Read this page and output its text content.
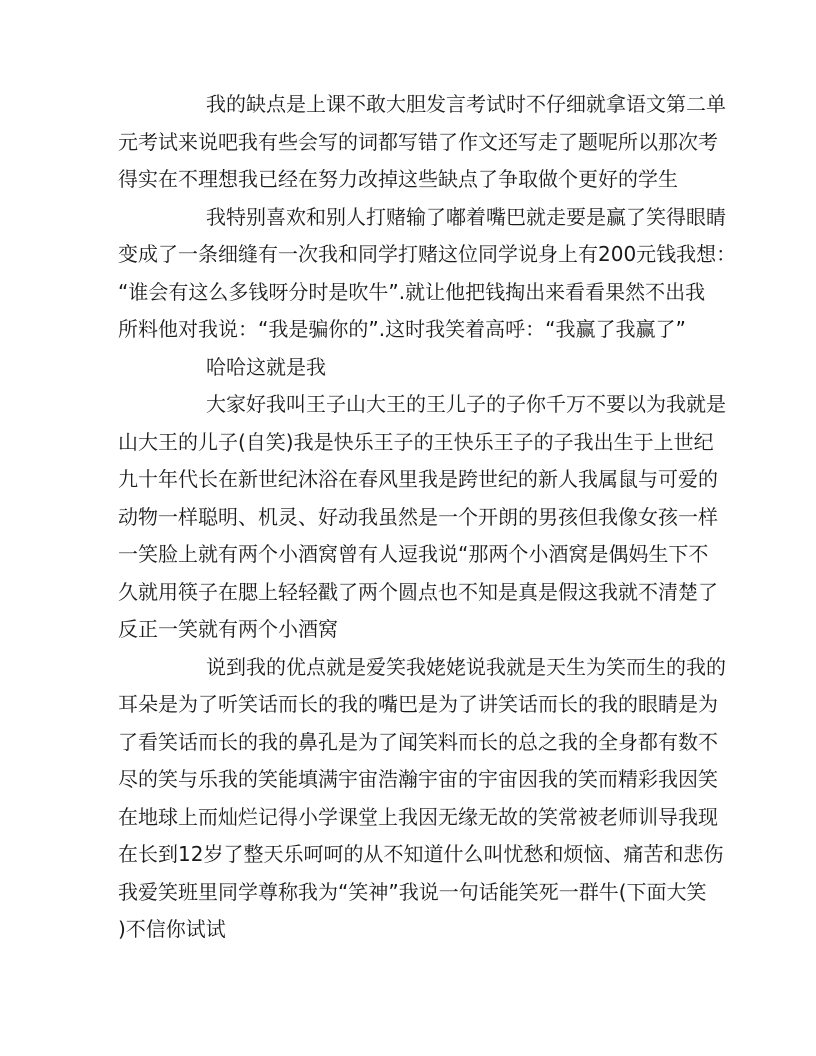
我的缺点是上课不敢大胆发言考试时不仔细就拿语文第二单
元考试来说吧我有些会写的词都写错了作文还写走了题呢所以那次考
得实在不理想我已经在努力改掉这些缺点了争取做个更好的学生
我特别喜欢和别人打赌输了嘟着嘴巴就走要是赢了笑得眼睛
变成了一条细缝有一次我和同学打赌这位同学说身上有200元钱我想：
“谁会有这么多钱呀分时是吹牛”.就让他把钱掏出来看看果然不出我
所料他对我说：“我是骗你的”.这时我笑着高呼：“我赢了我赢了”
哈哈这就是我
大家好我叫王子山大王的王儿子的子你千万不要以为我就是
山大王的儿子(自笑)我是快乐王子的王快乐王子的子我出生于上世纪
九十年代长在新世纪沐浴在春风里我是跨世纪的新人我属鼠与可爱的
动物一样聪明、机灵、好动我虽然是一个开朗的男孩但我像女孩一样
一笑脸上就有两个小酒窝曾有人逗我说“那两个小酒窝是偶妈生下不
久就用筷子在腮上轻轻戳了两个圆点也不知是真是假这我就不清楚了
反正一笑就有两个小酒窝
说到我的优点就是爱笑我姥姥说我就是天生为笑而生的我的
耳朵是为了听笑话而长的我的嘴巴是为了讲笑话而长的我的眼睛是为
了看笑话而长的我的鼻孔是为了闻笑料而长的总之我的全身都有数不
尽的笑与乐我的笑能填满宇宙浩瀚宇宙的宇宙因我的笑而精彩我因笑
在地球上而灿烂记得小学课堂上我因无缘无故的笑常被老师训导我现
在长到12岁了整天乐呵呵的从不知道什么叫忧愁和烦恼、痛苦和悲伤
我爱笑班里同学尊称我为“笑神”我说一句话能笑死一群牛(下面大笑
)不信你试试
